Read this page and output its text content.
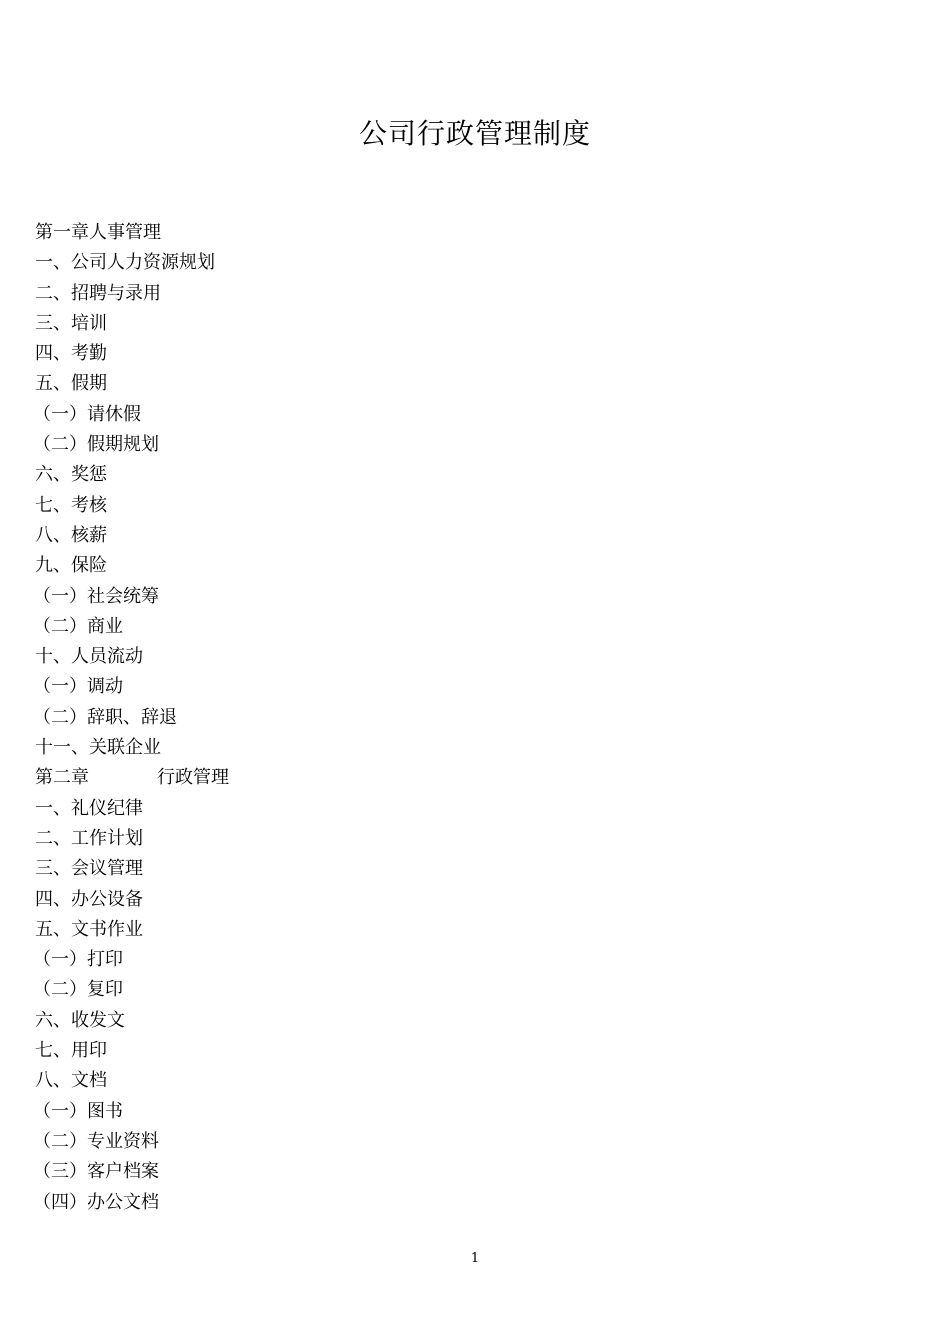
公司行政管理制度
第一章人事管理
一、公司人力资源规划
二、招聘与录用
三、培训
四、考勤
五、假期
（一）请休假
（二）假期规划
六、奖惩
七、考核
八、核薪
九、保险
（一）社会统筹
（二）商业
十、人员流动
（一）调动
（二）辞职、辞退
十一、关联企业
第二章	行政管理
一、礼仪纪律
二、工作计划
三、会议管理
四、办公设备
五、文书作业
（一）打印
（二）复印
六、收发文
七、用印
八、文档
（一）图书
（二）专业资料
（三）客户档案
（四）办公文档
1
